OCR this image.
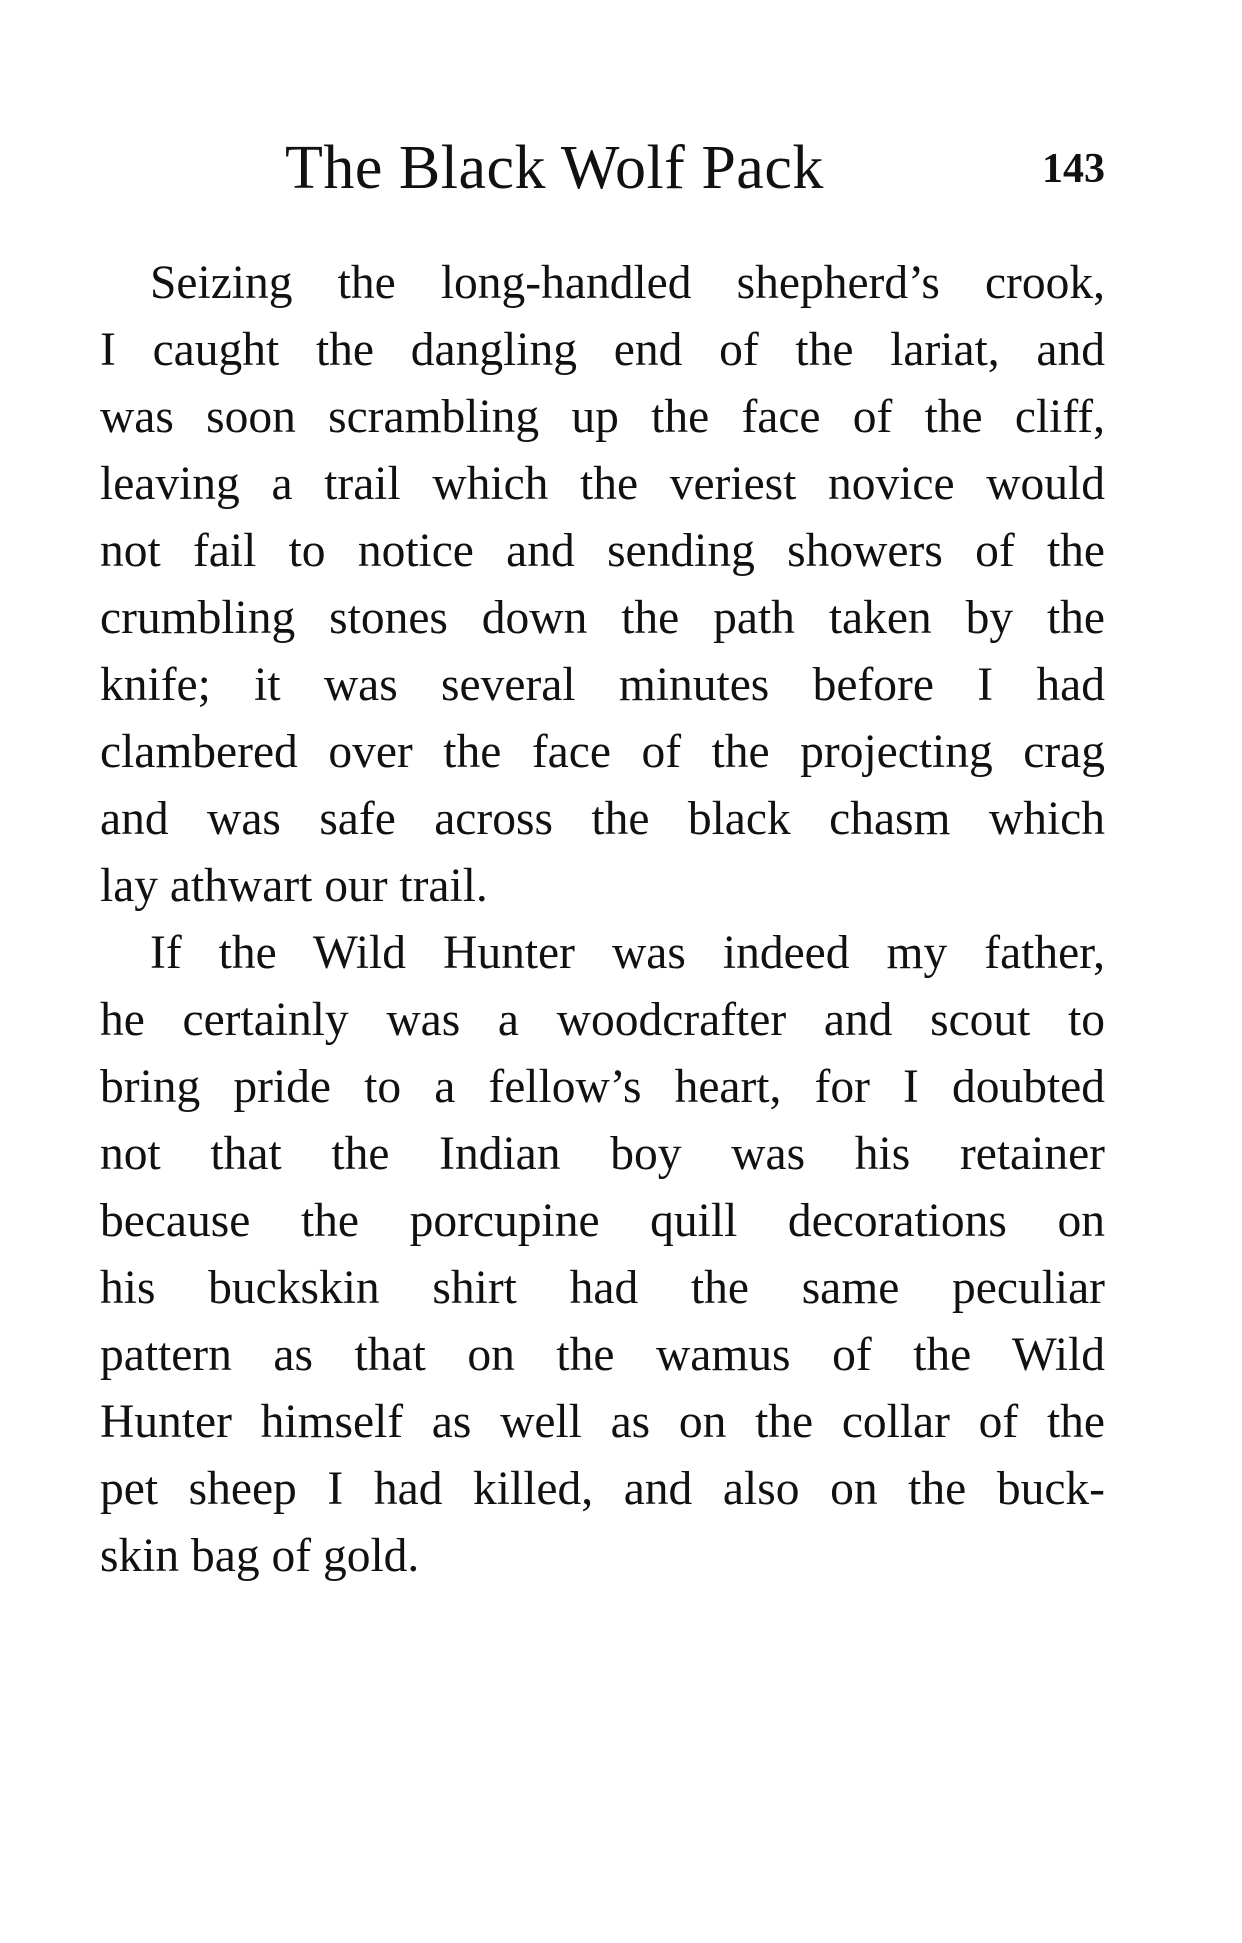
The Black Wolf Pack	143
Seizing the long-handled shepherd’s crook,
I caught the dangling end of the lariat, and
was soon scrambling up the face of the cliff,
leaving a trail which the veriest novice would
not fail to notice and sending showers of the
crumbling stones down the path taken by the
knife; it was several minutes before I had
clambered over the face of the projecting crag
and was safe across the black chasm which
lay athwart our trail.
If the Wild Hunter was indeed my father,
he certainly was a woodcrafter and scout to
bring pride to a fellow’s heart, for I doubted
not that the Indian boy was his retainer
because the porcupine quill decorations on
his buckskin shirt had the same peculiar
pattern as that on the wamus of the Wild
Hunter himself as well as on the collar of the
pet sheep I had killed, and also on the buck-
skin bag of gold.
